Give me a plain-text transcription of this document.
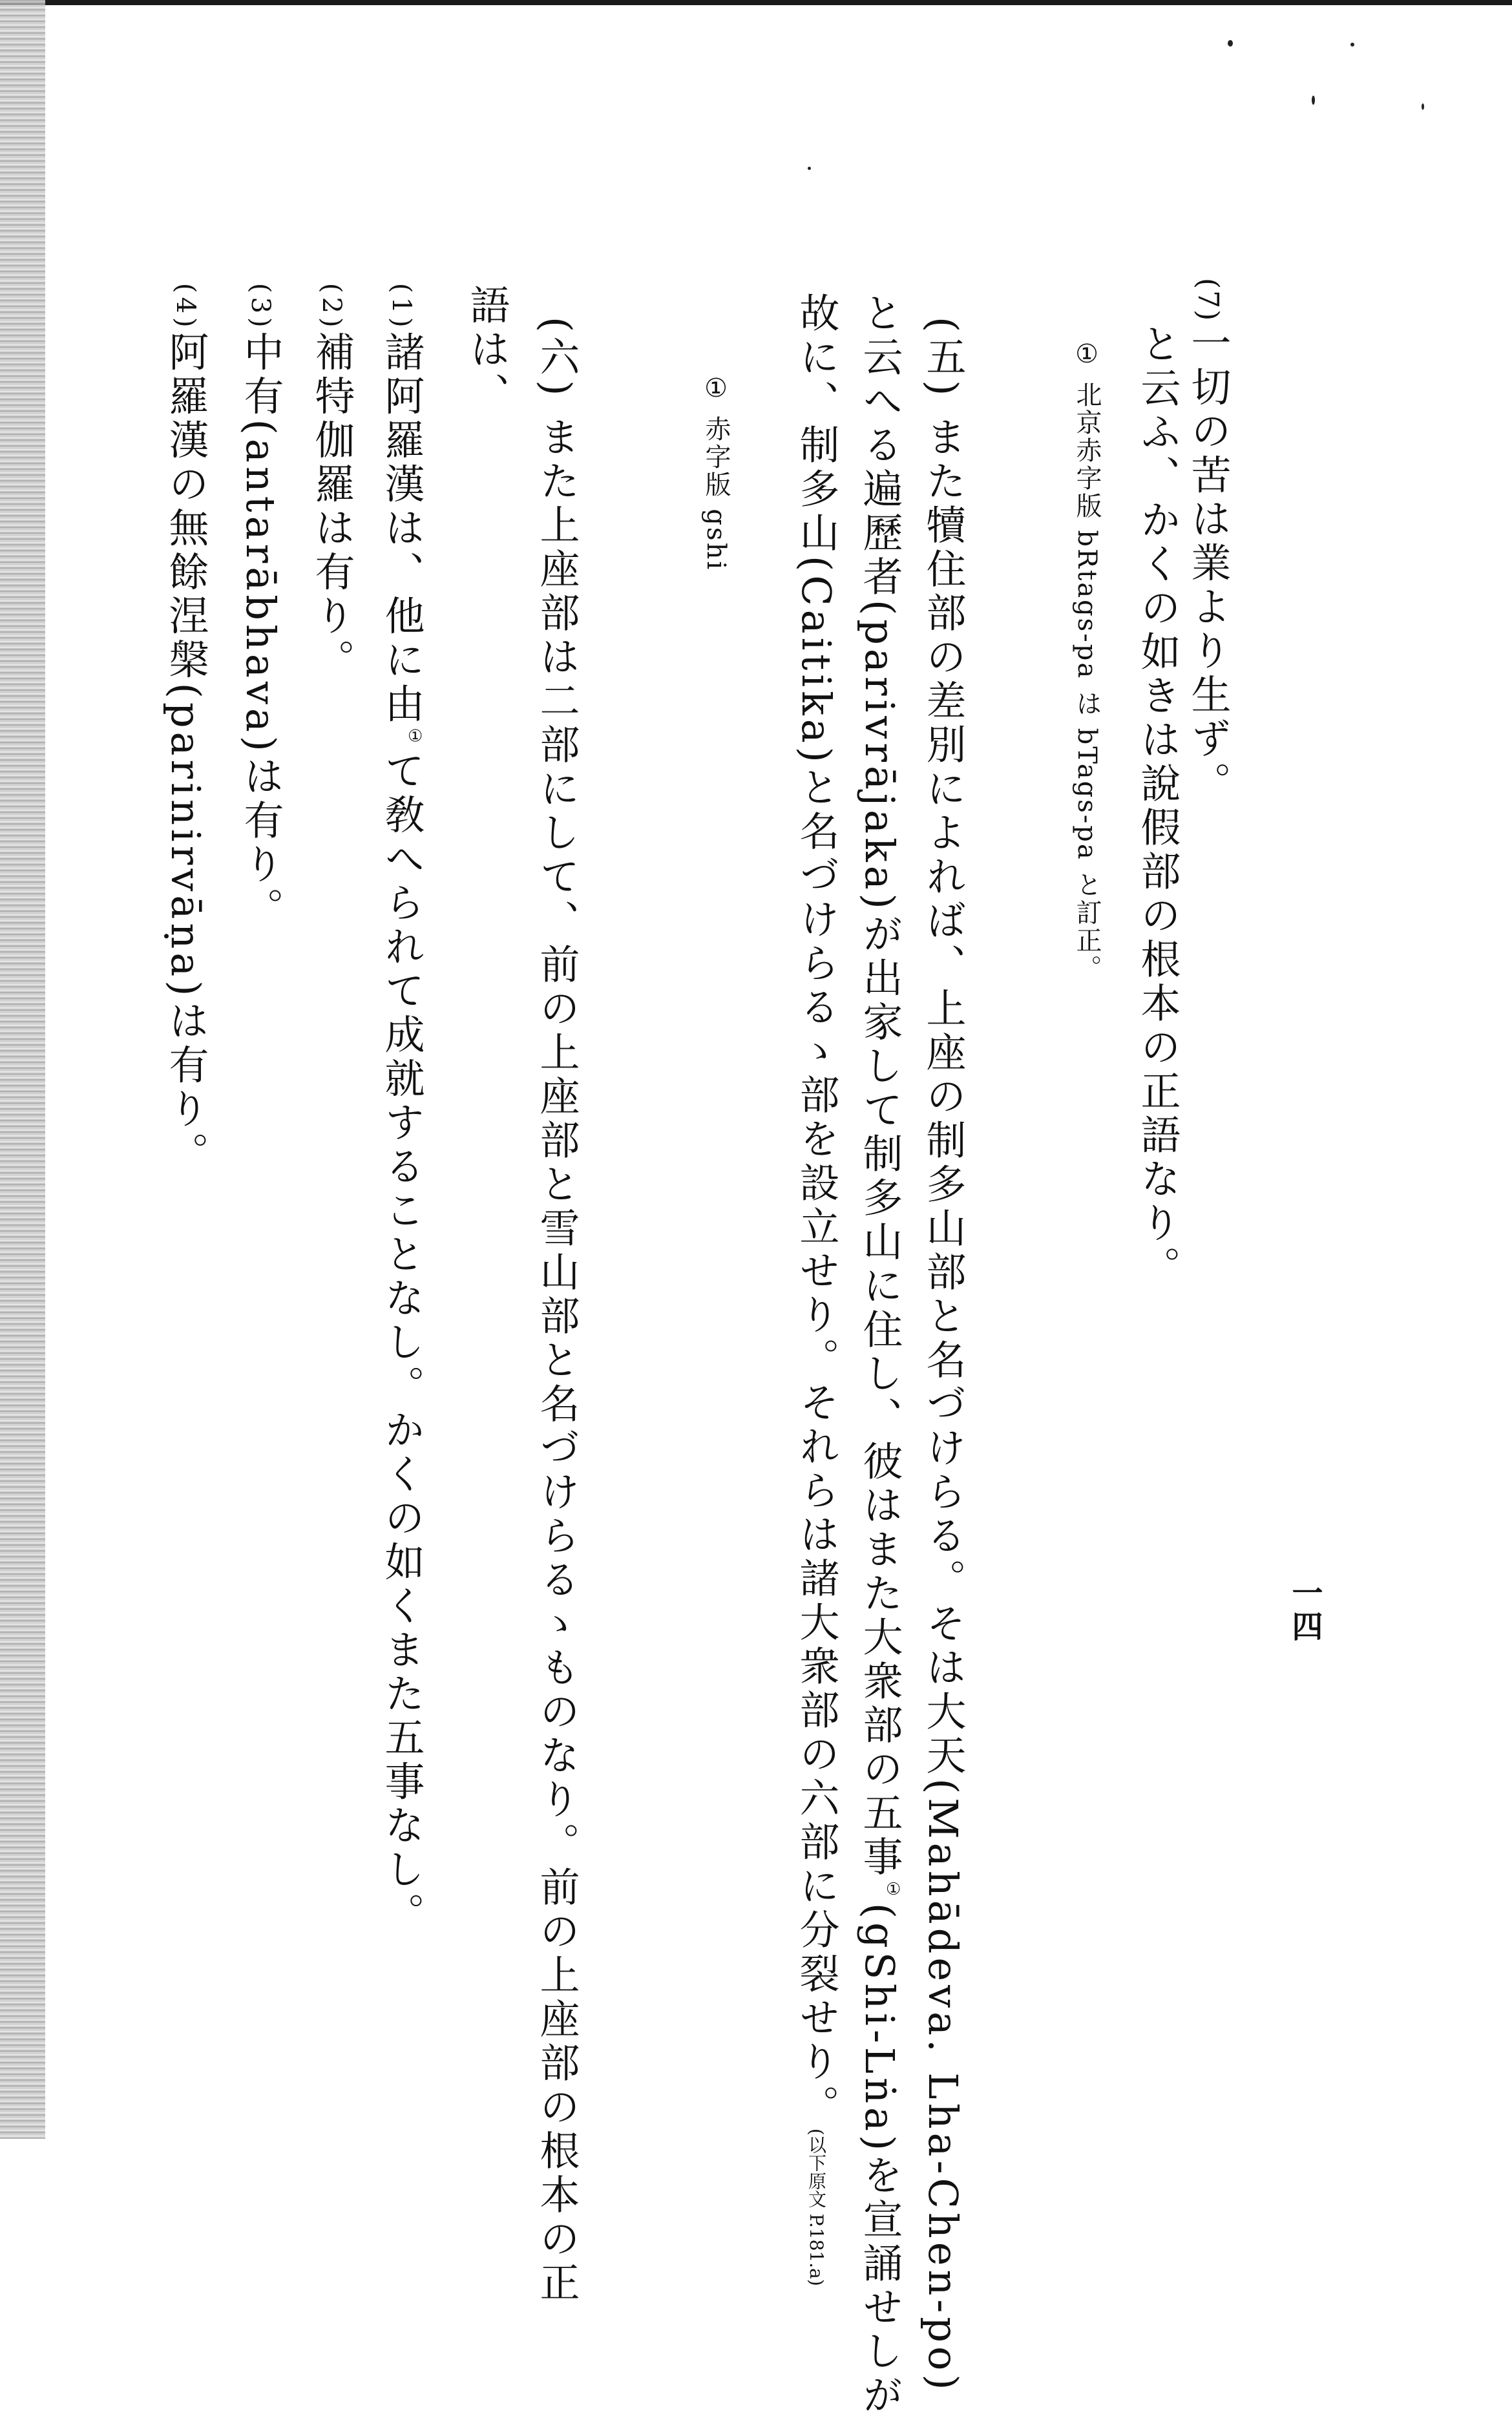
一四
(7)一切の苦は業より生ず。
と云ふ、かくの如きは說假部の根本の正語なり。
① 北京赤字版 bRtags-pa は bTags-pa と訂正。
(五) また犢住部の差別によれば、上座の制多山部と名づけらる。そは大天(Mahādeva. Lha-Chen-po)
と云へる遍歷者(parivrājaka)が出家して制多山に住し、彼はまた大衆部の五事①(gShi-Lṅa)を宣誦せしが
故に、制多山(Caitika)と名づけらるゝ部を設立せり。それらは諸大衆部の六部に分裂せり。(以下原文 P.181.a)
① 赤字版 gshi
(六) また上座部は二部にして、前の上座部と雪山部と名づけらるゝものなり。前の上座部の根本の正
語は、
(1)諸阿羅漢は、他に由①て敎へられて成就することなし。かくの如くまた五事なし。
(2)補特伽羅は有り。
(3)中有(antarābhava)は有り。
(4)阿羅漢の無餘涅槃(parinirvāṇa)は有り。
